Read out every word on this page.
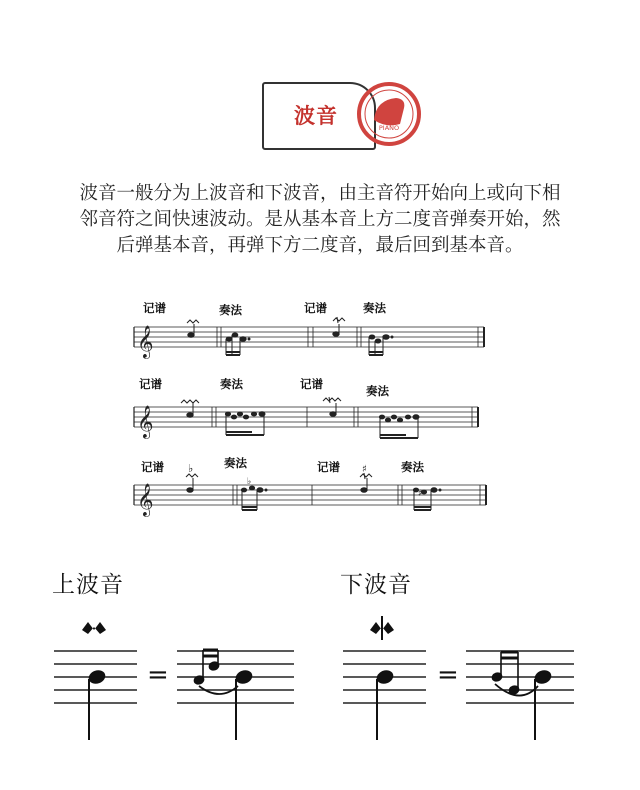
波音	PIANO
波音一般分为上波音和下波音，由主音符开始向上或向下相
邻音符之间快速波动。是从基本音上方二度音弹奏开始，然
后弹基本音，再弹下方二度音，最后回到基本音。
记谱	奏法	记谱	奏法
记谱	奏法	记谱	奏法
记谱	奏法	记谱	奏法
𝄞
𝄞
𝄞
♭
♭
♯
♯
上波音	下波音
=	=
